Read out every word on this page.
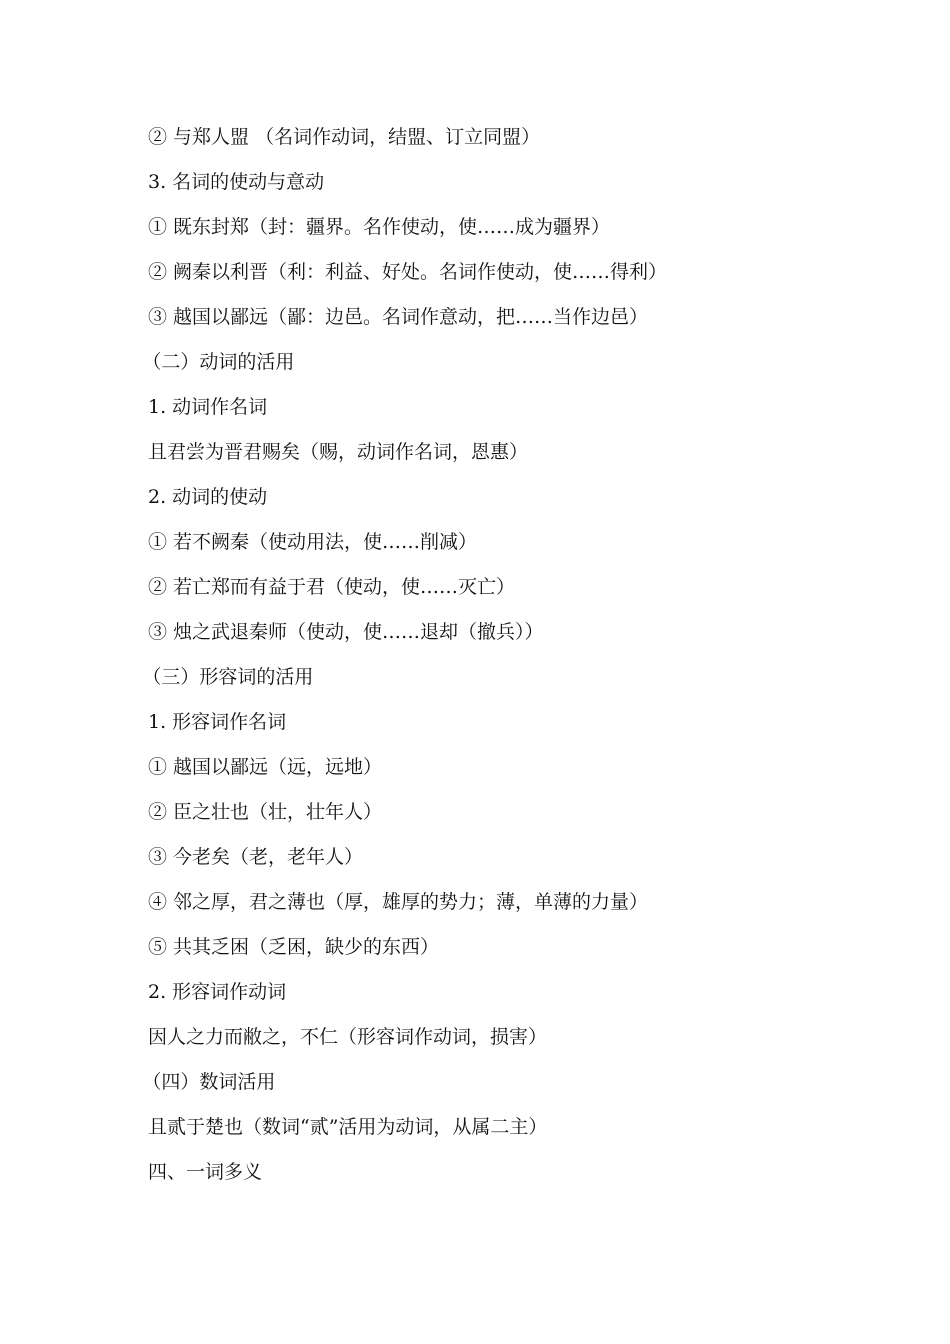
② 与郑人盟 （名词作动词，结盟、订立同盟）
3. 名词的使动与意动
① 既东封郑（封：疆界。名作使动，使……成为疆界）
② 阙秦以利晋（利：利益、好处。名词作使动，使……得利）
③ 越国以鄙远（鄙：边邑。名词作意动，把……当作边邑）
（二）动词的活用
1. 动词作名词
且君尝为晋君赐矣（赐，动词作名词，恩惠）
2. 动词的使动
① 若不阙秦（使动用法，使……削减）
② 若亡郑而有益于君（使动，使……灭亡）
③ 烛之武退秦师（使动，使……退却（撤兵））
（三）形容词的活用
1. 形容词作名词
① 越国以鄙远（远，远地）
② 臣之壮也（壮，壮年人）
③ 今老矣（老，老年人）
④ 邻之厚，君之薄也（厚，雄厚的势力；薄，单薄的力量）
⑤ 共其乏困（乏困，缺少的东西）
2. 形容词作动词
因人之力而敝之，不仁（形容词作动词，损害）
（四）数词活用
且贰于楚也（数词“贰”活用为动词，从属二主）
四、一词多义
